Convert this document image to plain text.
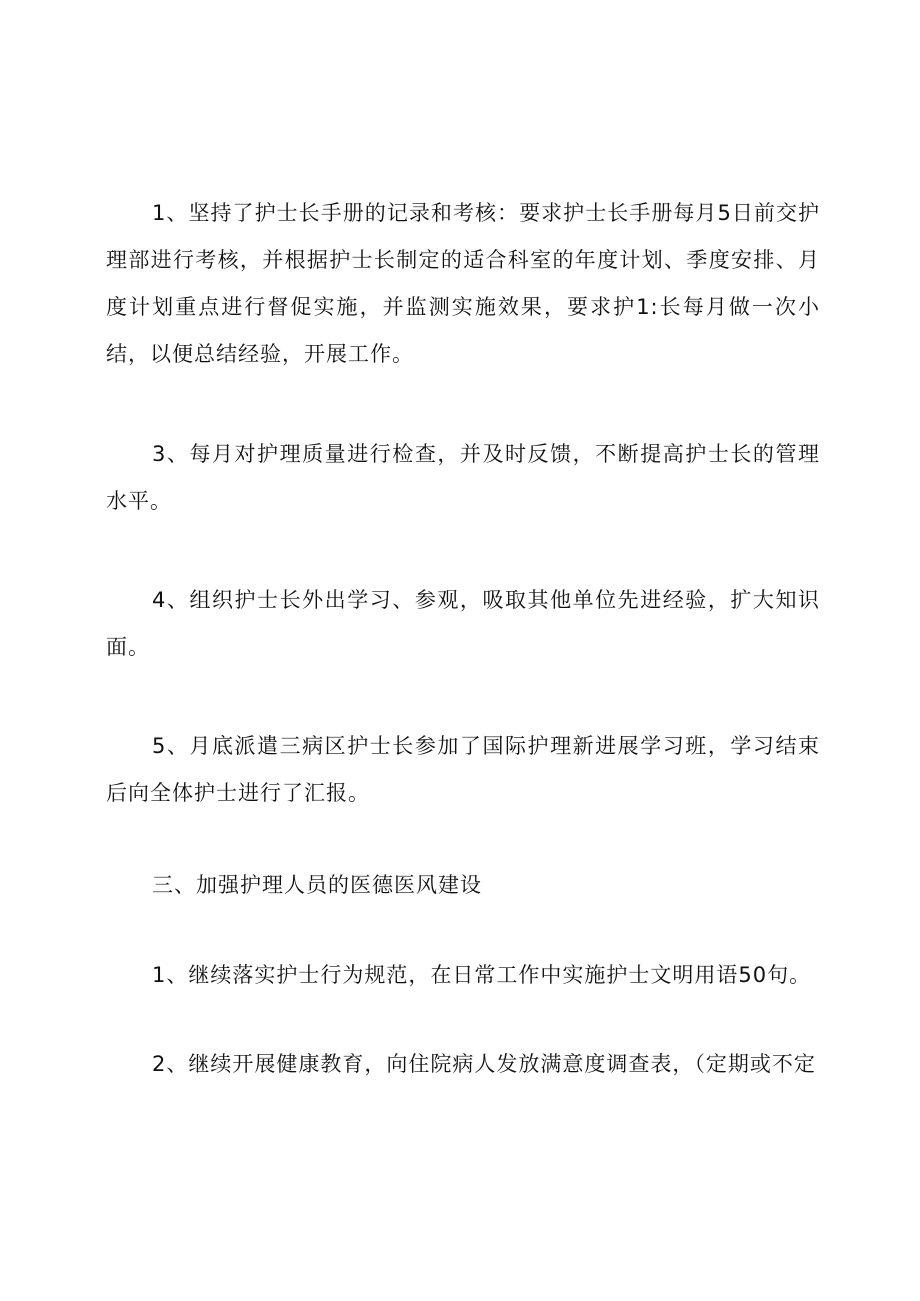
1、坚持了护士长手册的记录和考核：要求护士长手册每月5日前交护理部进行考核，并根据护士长制定的适合科室的年度计划、季度安排、月度计划重点进行督促实施，并监测实施效果，要求护1:长每月做一次小结，以便总结经验，开展工作。

3、每月对护理质量进行检查，并及时反馈，不断提高护士长的管理水平。

4、组织护士长外出学习、参观，吸取其他单位先进经验，扩大知识面。

5、月底派遣三病区护士长参加了国际护理新进展学习班，学习结束后向全体护士进行了汇报。

三、加强护理人员的医德医风建设

1、继续落实护士行为规范，在日常工作中实施护士文明用语50句。

2、继续开展健康教育，向住院病人发放满意度调查表，（定期或不定
